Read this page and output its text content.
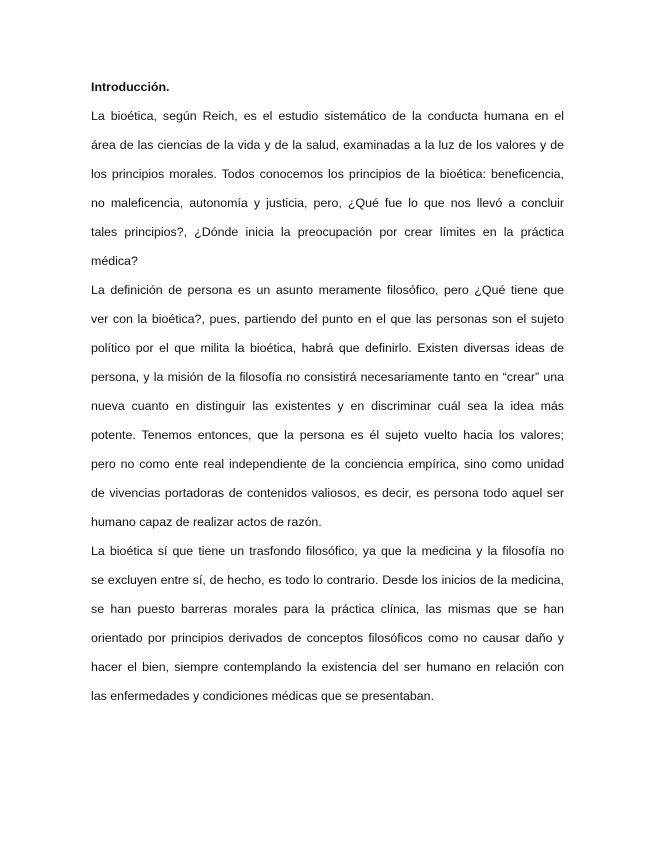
Introducción.

La bioética, según Reich, es el estudio sistemático de la conducta humana en el
área de las ciencias de la vida y de la salud, examinadas a la luz de los valores y de
los principios morales. Todos conocemos los principios de la bioética: beneficencia,
no maleficencia, autonomía y justicia, pero, ¿Qué fue lo que nos llevó a concluir
tales principios?, ¿Dónde inicia la preocupación por crear límites en la práctica
médica?

La definición de persona es un asunto meramente filosófico, pero ¿Qué tiene que
ver con la bioética?, pues, partiendo del punto en el que las personas son el sujeto
político por el que milita la bioética, habrá que definirlo. Existen diversas ideas de
persona, y la misión de la filosofía no consistirá necesariamente tanto en “crear” una
nueva cuanto en distinguir las existentes y en discriminar cuál sea la idea más
potente. Tenemos entonces, que la persona es él sujeto vuelto hacia los valores;
pero no como ente real independiente de la conciencia empírica, sino como unidad
de vivencias portadoras de contenidos valiosos, es decir, es persona todo aquel ser
humano capaz de realizar actos de razón.

La bioética sí que tiene un trasfondo filosófico, ya que la medicina y la filosofía no
se excluyen entre sí, de hecho, es todo lo contrario. Desde los inicios de la medicina,
se han puesto barreras morales para la práctica clínica, las mismas que se han
orientado por principios derivados de conceptos filosóficos como no causar daño y
hacer el bien, siempre contemplando la existencia del ser humano en relación con
las enfermedades y condiciones médicas que se presentaban.
